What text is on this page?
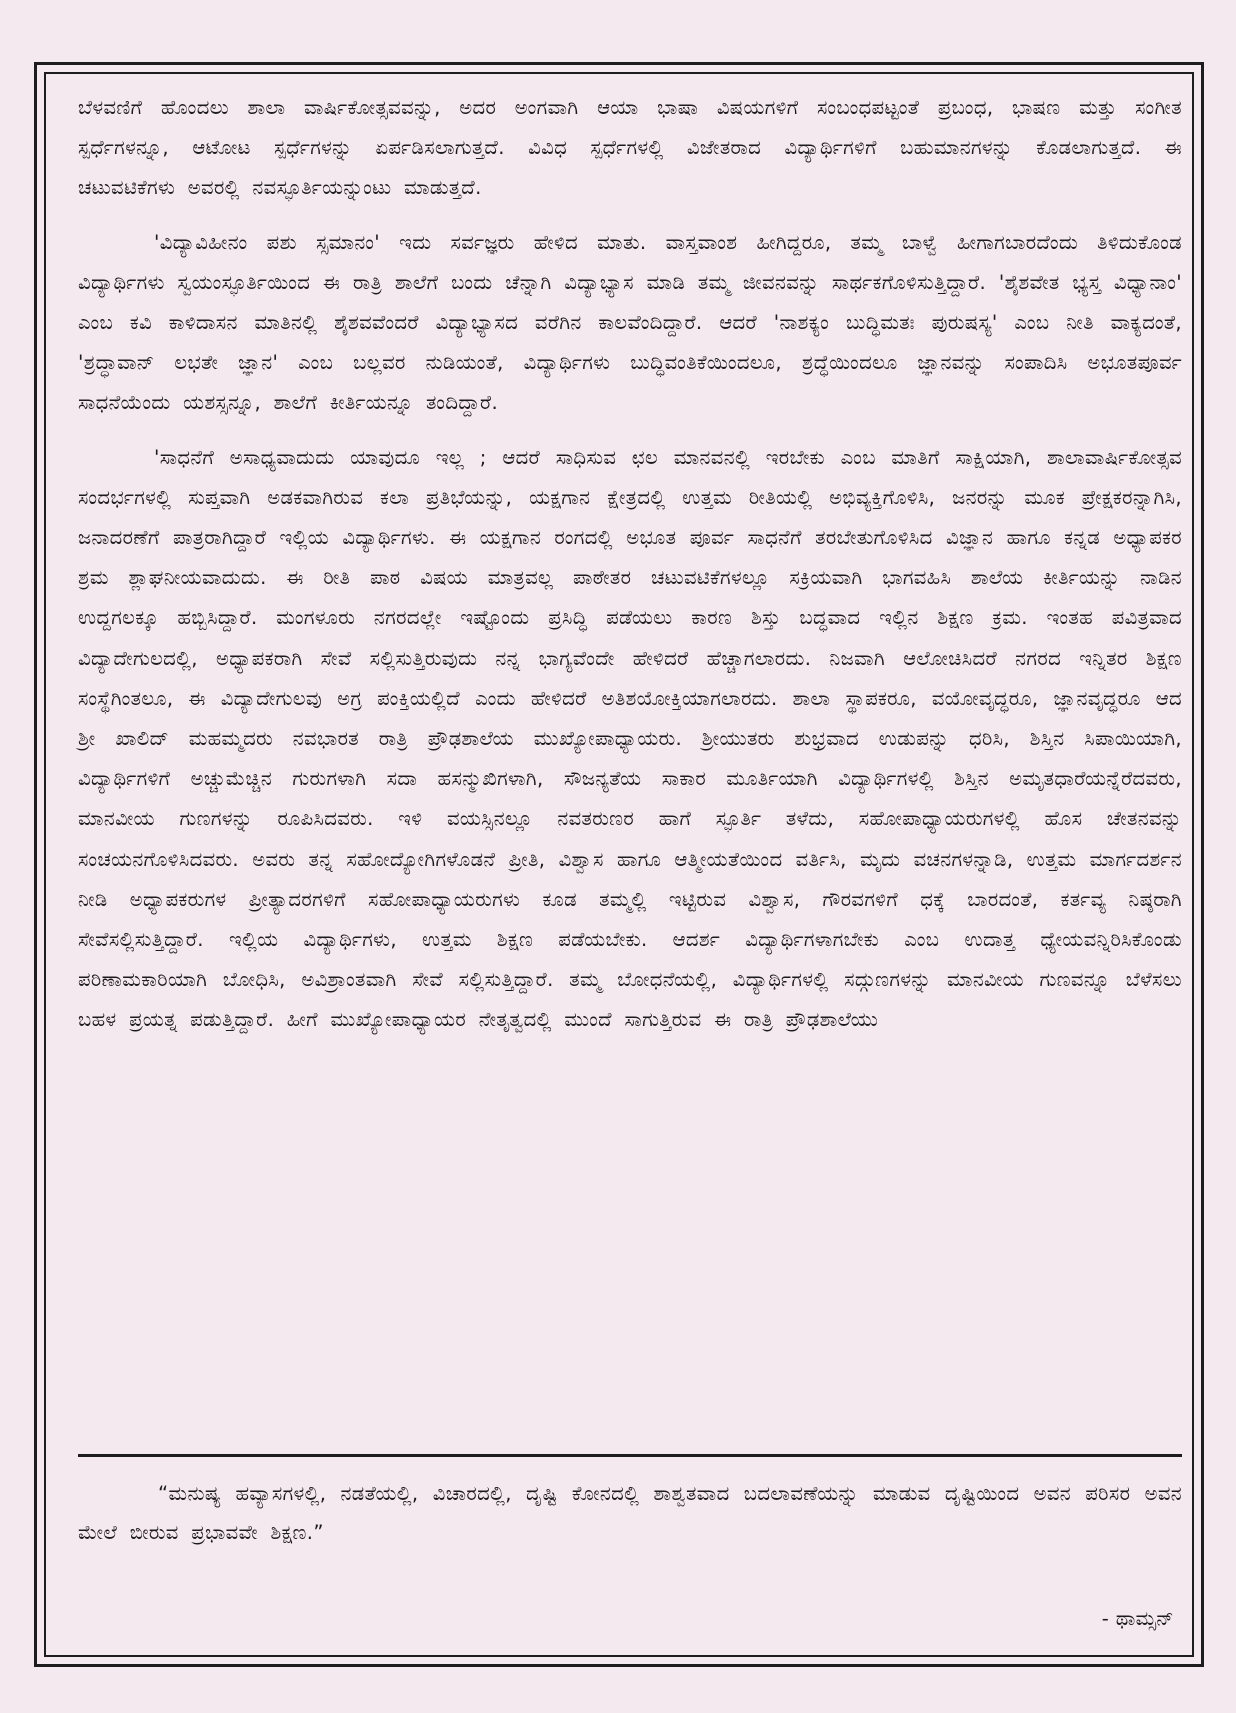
ಬೆಳವಣಿಗೆ ಹೊಂದಲು ಶಾಲಾ ವಾರ್ಷಿಕೋತ್ಸವವನ್ನು, ಅದರ ಅಂಗವಾಗಿ ಆಯಾ ಭಾಷಾ ವಿಷಯಗಳಿಗೆ ಸಂಬಂಧಪಟ್ಟಂತೆ ಪ್ರಬಂಧ, ಭಾಷಣ ಮತ್ತು ಸಂಗೀತ ಸ್ಪರ್ಧೆಗಳನ್ನೂ, ಆಟೋಟ ಸ್ಪರ್ಧೆಗಳನ್ನು ಏರ್ಪಡಿಸಲಾಗುತ್ತದೆ. ವಿವಿಧ ಸ್ಪರ್ಧೆಗಳಲ್ಲಿ ವಿಜೇತರಾದ ವಿದ್ಯಾರ್ಥಿಗಳಿಗೆ ಬಹುಮಾನಗಳನ್ನು ಕೊಡಲಾಗುತ್ತದೆ. ಈ ಚಟುವಟಿಕೆಗಳು ಅವರಲ್ಲಿ ನವಸ್ಫೂರ್ತಿಯನ್ನುಂಟು ಮಾಡುತ್ತದೆ.

'ವಿದ್ಯಾವಿಹೀನಂ ಪಶು ಸ್ಸಮಾನಂ' ಇದು ಸರ್ವಜ್ಞರು ಹೇಳಿದ ಮಾತು. ವಾಸ್ತವಾಂಶ ಹೀಗಿದ್ದರೂ, ತಮ್ಮ ಬಾಳ್ವೆ ಹೀಗಾಗಬಾರದೆಂದು ತಿಳಿದುಕೊಂಡ ವಿದ್ಯಾರ್ಥಿಗಳು ಸ್ವಯಂಸ್ಫೂರ್ತಿಯಿಂದ ಈ ರಾತ್ರಿ ಶಾಲೆಗೆ ಬಂದು ಚೆನ್ನಾಗಿ ವಿದ್ಯಾಭ್ಯಾಸ ಮಾಡಿ ತಮ್ಮ ಜೀವನವನ್ನು ಸಾರ್ಥಕಗೊಳಿಸುತ್ತಿದ್ದಾರೆ. 'ಶೈಶವೇತ ಭ್ಯಸ್ತ ವಿಧ್ಯಾನಾಂ' ಎಂಬ ಕವಿ ಕಾಳಿದಾಸನ ಮಾತಿನಲ್ಲಿ ಶೈಶವವೆಂದರೆ ವಿದ್ಯಾಭ್ಯಾಸದ ವರೆಗಿನ ಕಾಲವೆಂದಿದ್ದಾರೆ. ಆದರೆ 'ನಾಶಕ್ಯಂ ಬುದ್ಧಿಮತಃ ಪುರುಷಸ್ಯ' ಎಂಬ ನೀತಿ ವಾಕ್ಯದಂತೆ, 'ಶ್ರದ್ಧಾವಾನ್ ಲಭತೇ ಜ್ಞಾನ' ಎಂಬ ಬಲ್ಲವರ ನುಡಿಯಂತೆ, ವಿದ್ಯಾರ್ಥಿಗಳು ಬುದ್ಧಿವಂತಿಕೆಯಿಂದಲೂ, ಶ್ರದ್ಧೆಯಿಂದಲೂ ಜ್ಞಾನವನ್ನು ಸಂಪಾದಿಸಿ ಅಭೂತಪೂರ್ವ ಸಾಧನೆಯೆಂದು ಯಶಸ್ಸನ್ನೂ, ಶಾಲೆಗೆ ಕೀರ್ತಿಯನ್ನೂ ತಂದಿದ್ದಾರೆ.

'ಸಾಧನೆಗೆ ಅಸಾಧ್ಯವಾದುದು ಯಾವುದೂ ಇಲ್ಲ ; ಆದರೆ ಸಾಧಿಸುವ ಛಲ ಮಾನವನಲ್ಲಿ ಇರಬೇಕು ಎಂಬ ಮಾತಿಗೆ ಸಾಕ್ಷಿಯಾಗಿ, ಶಾಲಾವಾರ್ಷಿಕೋತ್ಸವ ಸಂದರ್ಭಗಳಲ್ಲಿ ಸುಪ್ತವಾಗಿ ಅಡಕವಾಗಿರುವ ಕಲಾ ಪ್ರತಿಭೆಯನ್ನು, ಯಕ್ಷಗಾನ ಕ್ಷೇತ್ರದಲ್ಲಿ ಉತ್ತಮ ರೀತಿಯಲ್ಲಿ ಅಭಿವ್ಯಕ್ತಿಗೊಳಿಸಿ, ಜನರನ್ನು ಮೂಕ ಪ್ರೇಕ್ಷಕರನ್ನಾಗಿಸಿ, ಜನಾದರಣೆಗೆ ಪಾತ್ರರಾಗಿದ್ದಾರೆ ಇಲ್ಲಿಯ ವಿದ್ಯಾರ್ಥಿಗಳು. ಈ ಯಕ್ಷಗಾನ ರಂಗದಲ್ಲಿ ಅಭೂತ ಪೂರ್ವ ಸಾಧನೆಗೆ ತರಬೇತುಗೊಳಿಸಿದ ವಿಜ್ಞಾನ ಹಾಗೂ ಕನ್ನಡ ಅಧ್ಯಾಪಕರ ಶ್ರಮ ಶ್ಲಾಘನೀಯವಾದುದು. ಈ ರೀತಿ ಪಾಠ ವಿಷಯ ಮಾತ್ರವಲ್ಲ ಪಾಠೇತರ ಚಟುವಟಿಕೆಗಳಲ್ಲೂ ಸಕ್ರಿಯವಾಗಿ ಭಾಗವಹಿಸಿ ಶಾಲೆಯ ಕೀರ್ತಿಯನ್ನು ನಾಡಿನ ಉದ್ದಗಲಕ್ಕೂ ಹಬ್ಬಿಸಿದ್ದಾರೆ. ಮಂಗಳೂರು ನಗರದಲ್ಲೇ ಇಷ್ಟೊಂದು ಪ್ರಸಿದ್ಧಿ ಪಡೆಯಲು ಕಾರಣ ಶಿಸ್ತು ಬದ್ಧವಾದ ಇಲ್ಲಿನ ಶಿಕ್ಷಣ ಕ್ರಮ. ಇಂತಹ ಪವಿತ್ರವಾದ ವಿದ್ಯಾದೇಗುಲದಲ್ಲಿ, ಅಧ್ಯಾಪಕರಾಗಿ ಸೇವೆ ಸಲ್ಲಿಸುತ್ತಿರುವುದು ನನ್ನ ಭಾಗ್ಯವೆಂದೇ ಹೇಳಿದರೆ ಹೆಚ್ಚಾಗಲಾರದು. ನಿಜವಾಗಿ ಆಲೋಚಿಸಿದರೆ ನಗರದ ಇನ್ನಿತರ ಶಿಕ್ಷಣ ಸಂಸ್ಥೆಗಿಂತಲೂ, ಈ ವಿದ್ಯಾದೇಗುಲವು ಅಗ್ರ ಪಂಕ್ತಿಯಲ್ಲಿದೆ ಎಂದು ಹೇಳಿದರೆ ಅತಿಶಯೋಕ್ತಿಯಾಗಲಾರದು. ಶಾಲಾ ಸ್ಥಾಪಕರೂ, ವಯೋವೃದ್ಧರೂ, ಜ್ಞಾನವೃದ್ಧರೂ ಆದ ಶ್ರೀ ಖಾಲಿದ್ ಮಹಮ್ಮದರು ನವಭಾರತ ರಾತ್ರಿ ಪ್ರೌಢಶಾಲೆಯ ಮುಖ್ಯೋಪಾಧ್ಯಾಯರು. ಶ್ರೀಯುತರು ಶುಭ್ರವಾದ ಉಡುಪನ್ನು ಧರಿಸಿ, ಶಿಸ್ತಿನ ಸಿಪಾಯಿಯಾಗಿ, ವಿದ್ಯಾರ್ಥಿಗಳಿಗೆ ಅಚ್ಚುಮೆಚ್ಚಿನ ಗುರುಗಳಾಗಿ ಸದಾ ಹಸನ್ಮುಖಿಗಳಾಗಿ, ಸೌಜನ್ಯತೆಯ ಸಾಕಾರ ಮೂರ್ತಿಯಾಗಿ ವಿದ್ಯಾರ್ಥಿಗಳಲ್ಲಿ ಶಿಸ್ತಿನ ಅಮೃತಧಾರೆಯನ್ನೆರೆದವರು, ಮಾನವೀಯ ಗುಣಗಳನ್ನು ರೂಪಿಸಿದವರು. ಇಳಿ ವಯಸ್ಸಿನಲ್ಲೂ ನವತರುಣರ ಹಾಗೆ ಸ್ಫೂರ್ತಿ ತಳೆದು, ಸಹೋಪಾಧ್ಯಾಯರುಗಳಲ್ಲಿ ಹೊಸ ಚೇತನವನ್ನು ಸಂಚಯನಗೊಳಿಸಿದವರು. ಅವರು ತನ್ನ ಸಹೋದ್ಯೋಗಿಗಳೊಡನೆ ಪ್ರೀತಿ, ವಿಶ್ವಾಸ ಹಾಗೂ ಆತ್ಮೀಯತೆಯಿಂದ ವರ್ತಿಸಿ, ಮೃದು ವಚನಗಳನ್ನಾಡಿ, ಉತ್ತಮ ಮಾರ್ಗದರ್ಶನ ನೀಡಿ ಅಧ್ಯಾಪಕರುಗಳ ಪ್ರೀತ್ಯಾದರಗಳಿಗೆ ಸಹೋಪಾಧ್ಯಾಯರುಗಳು ಕೂಡ ತಮ್ಮಲ್ಲಿ ಇಟ್ಟಿರುವ ವಿಶ್ವಾಸ, ಗೌರವಗಳಿಗೆ ಧಕ್ಕೆ ಬಾರದಂತೆ, ಕರ್ತವ್ಯ ನಿಷ್ಠರಾಗಿ ಸೇವೆಸಲ್ಲಿಸುತ್ತಿದ್ದಾರೆ. ಇಲ್ಲಿಯ ವಿದ್ಯಾರ್ಥಿಗಳು, ಉತ್ತಮ ಶಿಕ್ಷಣ ಪಡೆಯಬೇಕು. ಆದರ್ಶ ವಿದ್ಯಾರ್ಥಿಗಳಾಗಬೇಕು ಎಂಬ ಉದಾತ್ತ ಧ್ಯೇಯವನ್ನಿರಿಸಿಕೊಂಡು ಪರಿಣಾಮಕಾರಿಯಾಗಿ ಬೋಧಿಸಿ, ಅವಿಶ್ರಾಂತವಾಗಿ ಸೇವೆ ಸಲ್ಲಿಸುತ್ತಿದ್ದಾರೆ. ತಮ್ಮ ಬೋಧನೆಯಲ್ಲಿ, ವಿದ್ಯಾರ್ಥಿಗಳಲ್ಲಿ ಸದ್ಗುಣಗಳನ್ನು ಮಾನವೀಯ ಗುಣವನ್ನೂ ಬೆಳೆಸಲು ಬಹಳ ಪ್ರಯತ್ನ ಪಡುತ್ತಿದ್ದಾರೆ. ಹೀಗೆ ಮುಖ್ಯೋಪಾಧ್ಯಾಯರ ನೇತೃತ್ವದಲ್ಲಿ ಮುಂದೆ ಸಾಗುತ್ತಿರುವ ಈ ರಾತ್ರಿ ಪ್ರೌಢಶಾಲೆಯು

“ಮನುಷ್ಯ ಹವ್ಯಾಸಗಳಲ್ಲಿ, ನಡತೆಯಲ್ಲಿ, ವಿಚಾರದಲ್ಲಿ, ದೃಷ್ಟಿ ಕೋನದಲ್ಲಿ ಶಾಶ್ವತವಾದ ಬದಲಾವಣೆಯನ್ನು ಮಾಡುವ ದೃಷ್ಟಿಯಿಂದ ಅವನ ಪರಿಸರ ಅವನ ಮೇಲೆ ಬೀರುವ ಪ್ರಭಾವವೇ ಶಿಕ್ಷಣ.”

- ಥಾಮ್ಸನ್
